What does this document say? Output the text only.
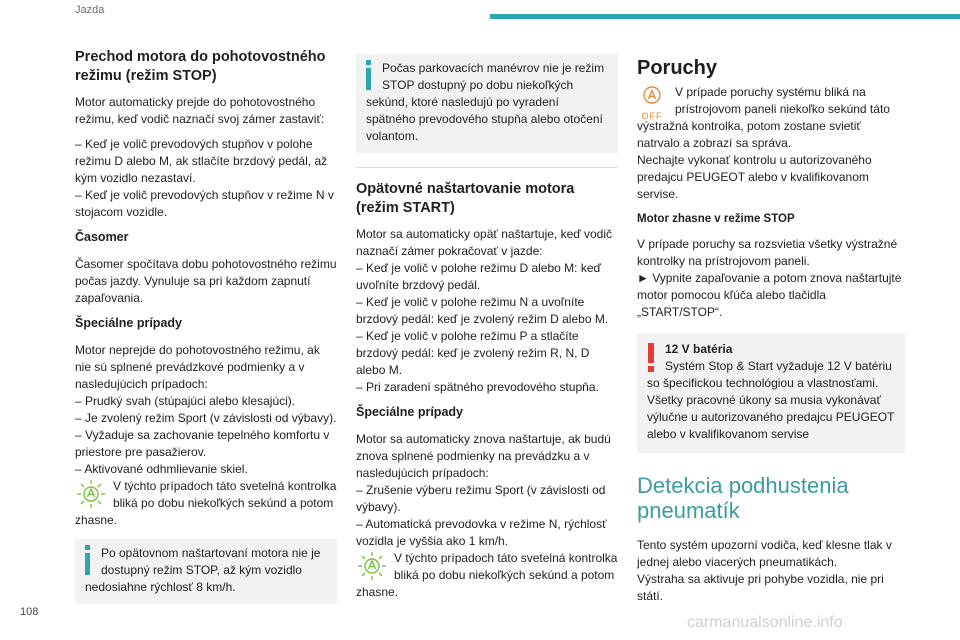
Jazda
Prechod motora do pohotovostného režimu (režim STOP)

Motor automaticky prejde do pohotovostného režimu, keď vodič naznačí svoj zámer zastaviť:

– Keď je volič prevodových stupňov v polohe režimu D alebo M, ak stlačíte brzdový pedál, až kým vozidlo nezastaví.

– Keď je volič prevodových stupňov v režime N v stojacom vozidle.

Časomer

Časomer spočítava dobu pohotovostného režimu počas jazdy. Vynuluje sa pri každom zapnutí zapaľovania.

Špeciálne prípady

Motor neprejde do pohotovostného režimu, ak nie sú splnené prevádzkové podmienky a v nasledujúcich prípadoch:

– Prudký svah (stúpajúci alebo klesajúci).

– Je zvolený režim Sport (v závislosti od výbavy).

– Vyžaduje sa zachovanie tepelného komfortu v priestore pre pasažierov.

– Aktivované odhmlievanie skiel.

V týchto prípadoch táto svetelná kontrolka bliká po dobu niekoľkých sekúnd a potom zhasne.
Po opätovnom naštartovaní motora nie je dostupný režim STOP, až kým vozidlo nedosiahne rýchlosť 8 km/h.
Počas parkovacích manévrov nie je režim STOP dostupný po dobu niekoľkých sekúnd, ktoré nasledujú po vyradení spätného prevodového stupňa alebo otočení volantom.
Opätovné naštartovanie motora (režim START)

Motor sa automaticky opäť naštartuje, keď vodič naznačí zámer pokračovať v jazde:

– Keď je volič v polohe režimu D alebo M: keď uvoľníte brzdový pedál.

– Keď je volič v polohe režimu N a uvoľníte brzdový pedál: keď je zvolený režim D alebo M.

– Keď je volič v polohe režimu P a stlačíte brzdový pedál: keď je zvolený režim R, N, D alebo M.

– Pri zaradení spätného prevodového stupňa.

Špeciálne prípady

Motor sa automaticky znova naštartuje, ak budú znova splnené podmienky na prevádzku a v nasledujúcich prípadoch:

– Zrušenie výberu režimu Sport (v závislosti od výbavy).

– Automatická prevodovka v režime N, rýchlosť vozidla je vyššia ako 1 km/h.

V týchto prípadoch táto svetelná kontrolka bliká po dobu niekoľkých sekúnd a potom zhasne.
Poruchy
OFF
V prípade poruchy systému bliká na prístrojovom paneli niekoľko sekúnd táto výstražná kontrolka, potom zostane svietiť natrvalo a zobrazí sa správa.

Nechajte vykonať kontrolu u autorizovaného predajcu PEUGEOT alebo v kvalifikovanom servise.

Motor zhasne v režime STOP

V prípade poruchy sa rozsvietia všetky výstražné kontrolky na prístrojovom paneli.

► Vypnite zapaľovanie a potom znova naštartujte motor pomocou kľúča alebo tlačidla „START/STOP“.

12 V batéria
Systém Stop & Start vyžaduje 12 V batériu so špecifickou technológiou a vlastnosťami.
Všetky pracovné úkony sa musia vykonávať výlučne u autorizovaného predajcu PEUGEOT alebo v kvalifikovanom servise
Detekcia podhustenia pneumatík

Tento systém upozorní vodiča, keď klesne tlak v jednej alebo viacerých pneumatikách.

Výstraha sa aktivuje pri pohybe vozidla, nie pri státí.

108
carmanualsonline.info
